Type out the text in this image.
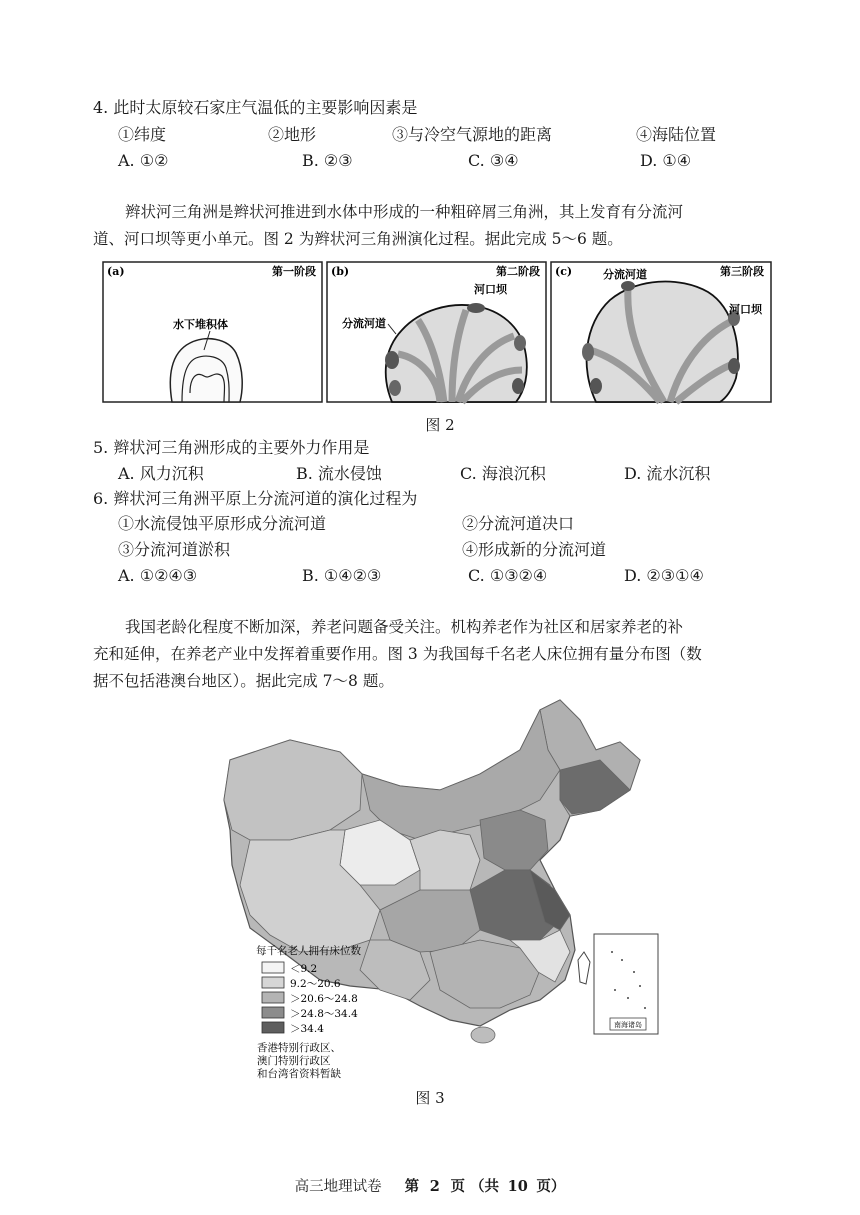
4. 此时太原较石家庄气温低的主要影响因素是
①纬度	②地形	③与冷空气源地的距离	④海陆位置
A. ①②	B. ②③	C. ③④	D. ①④
辫状河三角洲是辫状河推进到水体中形成的一种粗碎屑三角洲，其上发育有分流河
道、河口坝等更小单元。图 2 为辫状河三角洲演化过程。据此完成 5～6 题。
(a)	第一阶段
水下堆积体
(b)	第二阶段
河口坝
分流河道
(c)	第三阶段
分流河道
河口坝
图 2
5. 辫状河三角洲形成的主要外力作用是
A. 风力沉积	B. 流水侵蚀	C. 海浪沉积	D. 流水沉积
6. 辫状河三角洲平原上分流河道的演化过程为
①水流侵蚀平原形成分流河道	②分流河道决口
③分流河道淤积	④形成新的分流河道
A. ①②④③	B. ①④②③	C. ①③②④	D. ②③①④
我国老龄化程度不断加深，养老问题备受关注。机构养老作为社区和居家养老的补
充和延伸，在养老产业中发挥着重要作用。图 3 为我国每千名老人床位拥有量分布图（数
据不包括港澳台地区）。据此完成 7～8 题。
南海诸岛
每千名老人拥有床位数
＜9.2
9.2～20.6
＞20.6～24.8
＞24.8～34.4
＞34.4
香港特别行政区、
澳门特别行政区
和台湾省资料暂缺
图 3
高三地理试卷 第 2 页 （共 10 页）
